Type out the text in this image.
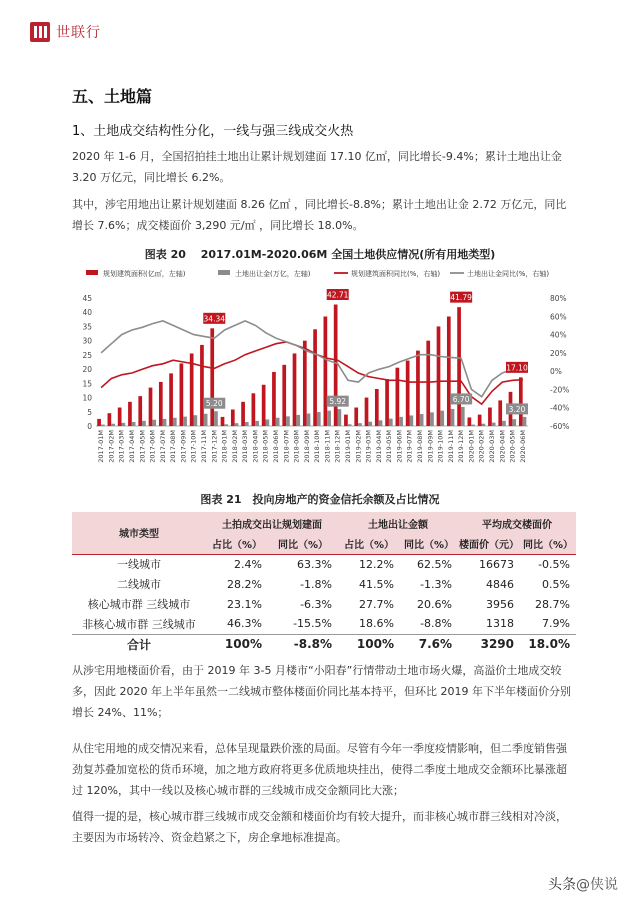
世联行
五、土地篇
1、土地成交结构性分化，一线与强三线成交火热
2020 年 1-6 月，全国招拍挂土地出让累计规划建面 17.10 亿㎡，同比增长-9.4%；累计土地出让金 3.20 万亿元，同比增长 6.2%。
其中，涉宅用地出让累计规划建面 8.26 亿㎡ ，同比增长-8.8%；累计土地出让金 2.72 万亿元，同比增长 7.6%；成交楼面价 3,290 元/㎡ ，同比增长 18.0%。
图表 20　 2017.01M-2020.06M 全国土地供应情况(所有用地类型)
规划建筑面积(亿㎡，左轴)	土地出让金(万亿，左轴)	规划建筑面积同比(%，右轴)	土地出让金同比(%，右轴)
0
5
10
15
20
25
30
35
40
45
-60%
-40%
-20%
0%
20%
40%
60%
80%
34.34
5.20
42.71
5.92
41.79
6.70
17.10
3.20
2017-01M 2017-02M 2017-03M 2017-04M 2017-05M 2017-06M 2017-07M 2017-08M 2017-09M 2017-10M 2017-11M 2017-12M 2018-01M 2018-02M 2018-03M 2018-04M 2018-05M 2018-06M 2018-07M 2018-08M 2018-09M 2018-10M 2018-11M 2018-12M 2019-01M 2019-02M 2019-03M 2019-04M 2019-05M 2019-06M 2019-07M 2019-08M 2019-09M 2019-10M 2019-11M 2019-12M 2020-01M 2020-02M 2020-03M 2020-04M 2020-05M 2020-06M
图表 21　投向房地产的资金信托余额及占比情况
城市类型	土拍成交出让规划建面		土地出让金额		平均成交楼面价	
	占比（%）	同比（%）	占比（%）	同比（%）	楼面价（元）	同比（%）
一线城市	2.4%	63.3%	12.2%	62.5%	16673	-0.5%
二线城市	28.2%	-1.8%	41.5%	-1.3%	4846	0.5%
核心城市群 三线城市	23.1%	-6.3%	27.7%	20.6%	3956	28.7%
非核心城市群 三线城市	46.3%	-15.5%	18.6%	-8.8%	1318	7.9%
合计	100%	-8.8%	100%	7.6%	3290	18.0%
从涉宅用地楼面价看，由于 2019 年 3-5 月楼市“小阳春”行情带动土地市场火爆，高溢价土地成交较多，因此 2020 年上半年虽然一二线城市整体楼面价同比基本持平，但环比 2019 年下半年楼面价分别增长 24%、11%；
从住宅用地的成交情况来看，总体呈现量跌价涨的局面。尽管有今年一季度疫情影响，但二季度销售强劲复苏叠加宽松的货币环境，加之地方政府将更多优质地块挂出，使得二季度土地成交金额环比暴涨超过 120%，其中一线以及核心城市群的三线城市成交金额同比大涨；
值得一提的是，核心城市群三线城市成交金额和楼面价均有较大提升，而非核心城市群三线相对冷淡，主要因为市场转冷、资金趋紧之下，房企拿地标准提高。
头条 @侠说
